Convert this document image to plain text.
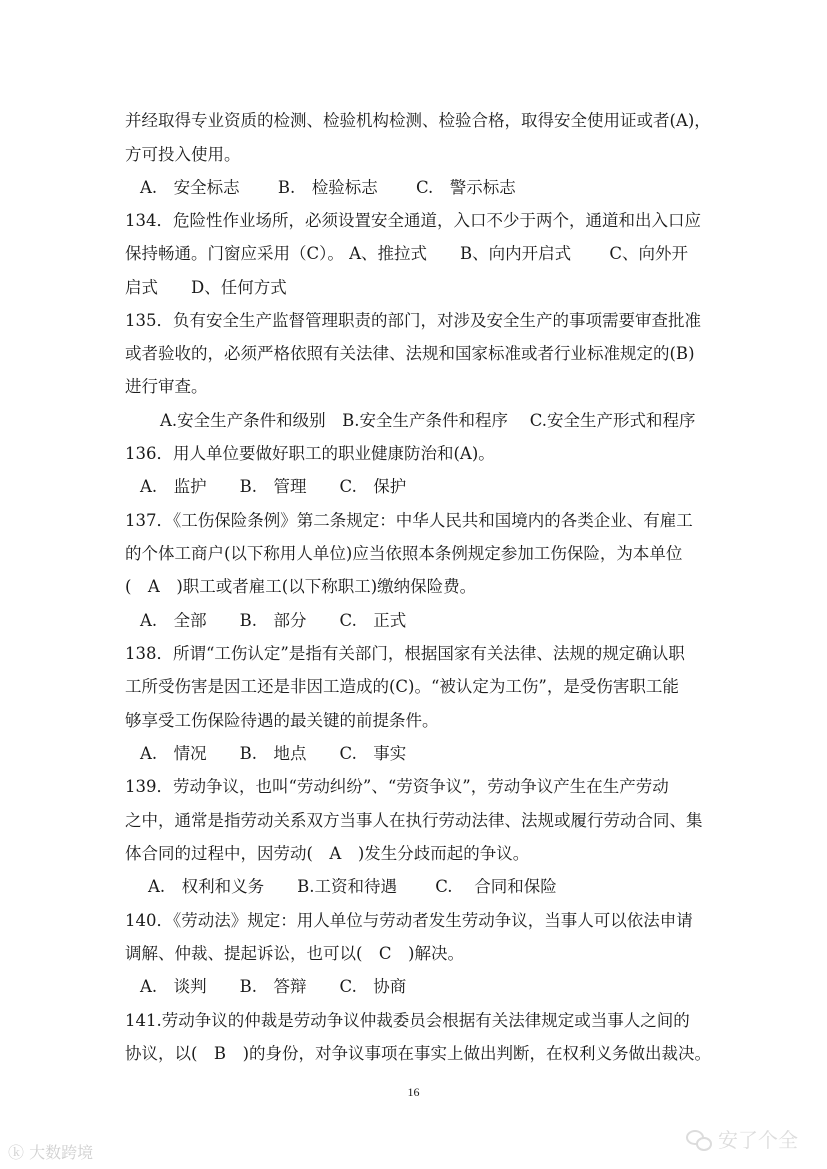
并经取得专业资质的检测、检验机构检测、检验合格，取得安全使用证或者(A)，

方可投入使用。

A.　安全标志　　 B.　检验标志　　 C.　警示标志

134．危险性作业场所，必须设置安全通道，入口不少于两个，通道和出入口应

保持畅通。门窗应采用（C）。 A、推拉式　　B、向内开启式　　 C、向外开

启式　　D、任何方式

135．负有安全生产监督管理职责的部门，对涉及安全生产的事项需要审查批准

或者验收的，必须严格依照有关法律、法规和国家标准或者行业标准规定的(B)

进行审查。

A.安全生产条件和级别　B.安全生产条件和程序　 C.安全生产形式和程序

136．用人单位要做好职工的职业健康防治和(A)。

A.　监护　　B.　管理　　C.　保护

137．《工伤保险条例》第二条规定：中华人民共和国境内的各类企业、有雇工

的个体工商户(以下称用人单位)应当依照本条例规定参加工伤保险，为本单位

(　A　)职工或者雇工(以下称职工)缴纳保险费。

A.　全部　　B.　部分　　C.　正式

138．所谓“工伤认定”是指有关部门，根据国家有关法律、法规的规定确认职

工所受伤害是因工还是非因工造成的(C)。“被认定为工伤”，是受伤害职工能

够享受工伤保险待遇的最关键的前提条件。

A.　情况　　B.　地点　　C.　事实

139．劳动争议，也叫“劳动纠纷”、“劳资争议”，劳动争议产生在生产劳动

之中，通常是指劳动关系双方当事人在执行劳动法律、法规或履行劳动合同、集

体合同的过程中，因劳动(　A　)发生分歧而起的争议。

A.　权利和义务　　B.工资和待遇　　 C.　 合同和保险

140．《劳动法》规定：用人单位与劳动者发生劳动争议，当事人可以依法申请

调解、仲裁、提起诉讼，也可以(　C　)解决。

A.　谈判　　B.　答辩　　C.　协商

141.劳动争议的仲裁是劳动争议仲裁委员会根据有关法律规定或当事人之间的

协议，以(　B　)的身份，对争议事项在事实上做出判断，在权利义务做出裁决。

16
ⓚ 大数跨境
安了个全
